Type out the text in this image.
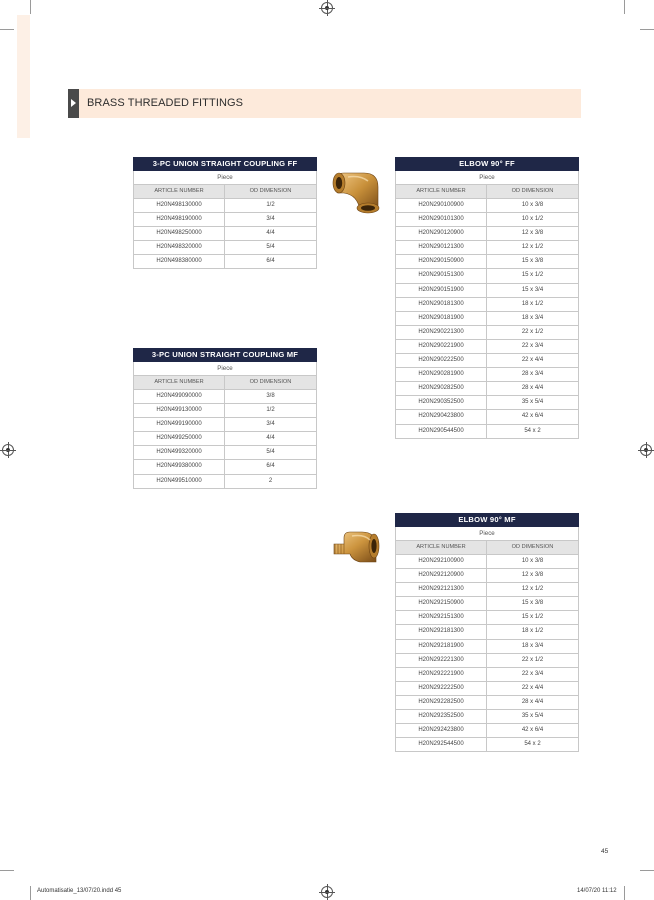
BRASS THREADED FITTINGS
3-PC UNION STRAIGHT COUPLING FF
Piece
ARTICLE NUMBER	OD DIMENSION
H20N498130000	1/2
H20N498190000	3/4
H20N498250000	4/4
H20N498320000	5/4
H20N498380000	6/4
3-PC UNION STRAIGHT COUPLING MF
Piece
ARTICLE NUMBER	OD DIMENSION
H20N499090000	3/8
H20N499130000	1/2
H20N499190000	3/4
H20N499250000	4/4
H20N499320000	5/4
H20N499380000	6/4
H20N499510000	2
ELBOW 90° FF
Piece
ARTICLE NUMBER	OD DIMENSION
H20N290100900	10 x 3/8
H20N290101300	10 x 1/2
H20N290120900	12 x 3/8
H20N290121300	12 x 1/2
H20N290150900	15 x 3/8
H20N290151300	15 x 1/2
H20N290151900	15 x 3/4
H20N290181300	18 x 1/2
H20N290181900	18 x 3/4
H20N290221300	22 x 1/2
H20N290221900	22 x 3/4
H20N290222500	22 x 4/4
H20N290281900	28 x 3/4
H20N290282500	28 x 4/4
H20N290352500	35 x 5/4
H20N290423800	42 x 6/4
H20N290544500	54 x 2
ELBOW 90° MF
Piece
ARTICLE NUMBER	OD DIMENSION
H20N292100900	10 x 3/8
H20N292120900	12 x 3/8
H20N292121300	12 x 1/2
H20N292150900	15 x 3/8
H20N292151300	15 x 1/2
H20N292181300	18 x 1/2
H20N292181900	18 x 3/4
H20N292221300	22 x 1/2
H20N292221900	22 x 3/4
H20N292222500	22 x 4/4
H20N292282500	28 x 4/4
H20N292352500	35 x 5/4
H20N292423800	42 x 6/4
H20N292544500	54 x 2
45
Automatisatie_13/07/20.indd 45	14/07/20 11:12
